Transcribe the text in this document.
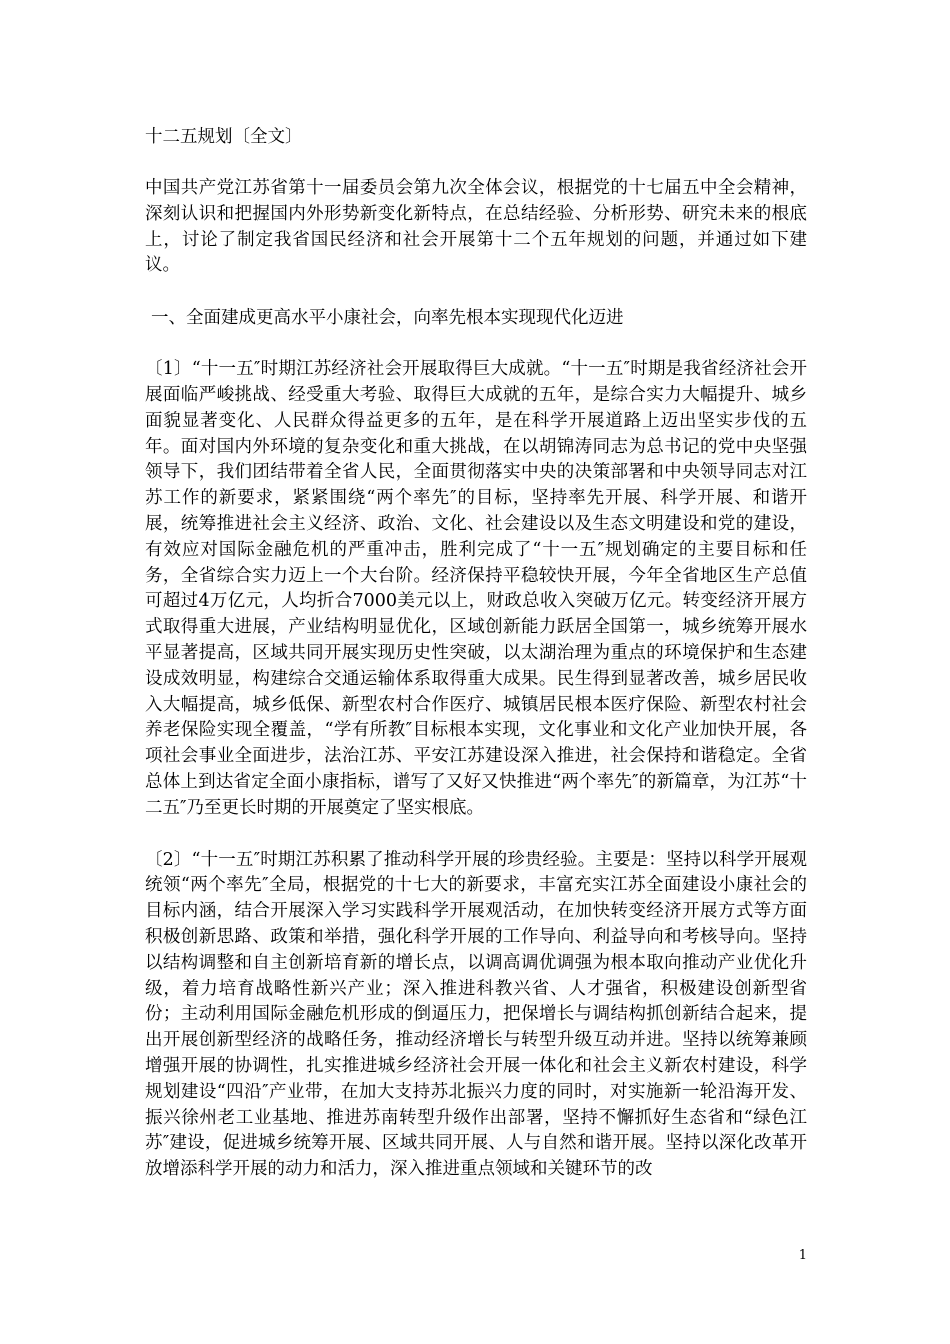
十二五规划〔全文〕

中国共产党江苏省第十一届委员会第九次全体会议，根据党的十七届五中全会精神，深刻认识和把握国内外形势新变化新特点，在总结经验、分析形势、研究未来的根底上，讨论了制定我省国民经济和社会开展第十二个五年规划的问题，并通过如下建议。

一、全面建成更高水平小康社会，向率先根本实现现代化迈进

〔1〕“十一五″时期江苏经济社会开展取得巨大成就。“十一五″时期是我省经济社会开展面临严峻挑战、经受重大考验、取得巨大成就的五年，是综合实力大幅提升、城乡面貌显著变化、人民群众得益更多的五年，是在科学开展道路上迈出坚实步伐的五年。面对国内外环境的复杂变化和重大挑战，在以胡锦涛同志为总书记的党中央坚强领导下，我们团结带着全省人民，全面贯彻落实中央的决策部署和中央领导同志对江苏工作的新要求，紧紧围绕“两个率先″的目标，坚持率先开展、科学开展、和谐开展，统筹推进社会主义经济、政治、文化、社会建设以及生态文明建设和党的建设，有效应对国际金融危机的严重冲击，胜利完成了“十一五″规划确定的主要目标和任务，全省综合实力迈上一个大台阶。经济保持平稳较快开展，今年全省地区生产总值可超过4万亿元，人均折合7000美元以上，财政总收入突破万亿元。转变经济开展方式取得重大进展，产业结构明显优化，区域创新能力跃居全国第一，城乡统筹开展水平显著提高，区域共同开展实现历史性突破，以太湖治理为重点的环境保护和生态建设成效明显，构建综合交通运输体系取得重大成果。民生得到显著改善，城乡居民收入大幅提高，城乡低保、新型农村合作医疗、城镇居民根本医疗保险、新型农村社会养老保险实现全覆盖，“学有所教″目标根本实现，文化事业和文化产业加快开展，各项社会事业全面进步，法治江苏、平安江苏建设深入推进，社会保持和谐稳定。全省总体上到达省定全面小康指标，谱写了又好又快推进“两个率先″的新篇章，为江苏“十二五″乃至更长时期的开展奠定了坚实根底。

〔2〕“十一五″时期江苏积累了推动科学开展的珍贵经验。主要是：坚持以科学开展观统领“两个率先″全局，根据党的十七大的新要求，丰富充实江苏全面建设小康社会的目标内涵，结合开展深入学习实践科学开展观活动，在加快转变经济开展方式等方面积极创新思路、政策和举措，强化科学开展的工作导向、利益导向和考核导向。坚持以结构调整和自主创新培育新的增长点，以调高调优调强为根本取向推动产业优化升级，着力培育战略性新兴产业；深入推进科教兴省、人才强省，积极建设创新型省份；主动利用国际金融危机形成的倒逼压力，把保增长与调结构抓创新结合起来，提出开展创新型经济的战略任务，推动经济增长与转型升级互动并进。坚持以统筹兼顾增强开展的协调性，扎实推进城乡经济社会开展一体化和社会主义新农村建设，科学规划建设“四沿″产业带，在加大支持苏北振兴力度的同时，对实施新一轮沿海开发、振兴徐州老工业基地、推进苏南转型升级作出部署，坚持不懈抓好生态省和“绿色江苏″建设，促进城乡统筹开展、区域共同开展、人与自然和谐开展。坚持以深化改革开放增添科学开展的动力和活力，深入推进重点领域和关键环节的改

1
